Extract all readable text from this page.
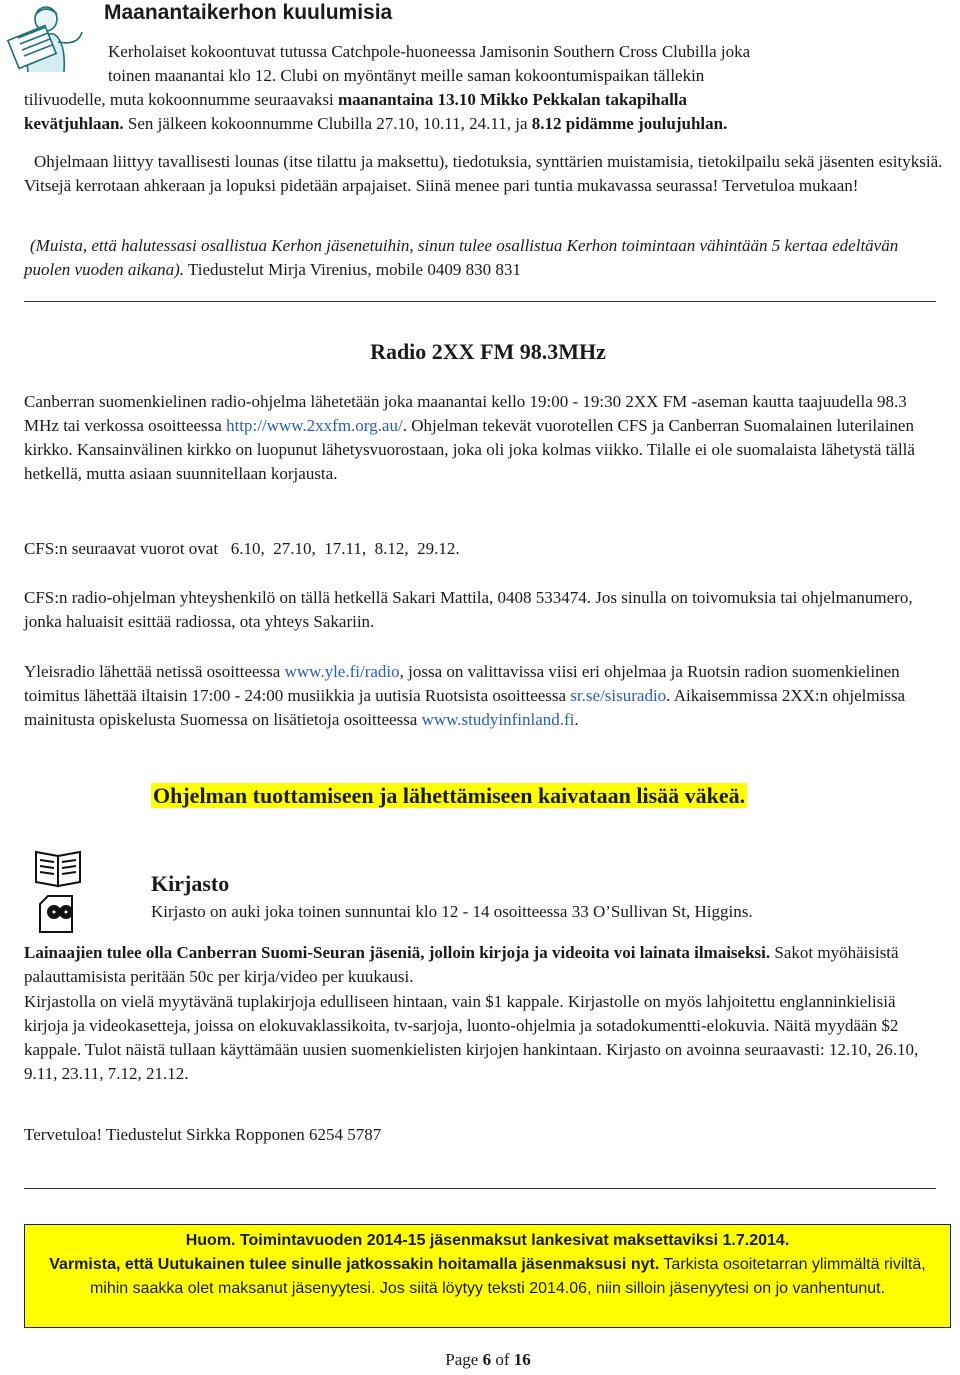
Maanantaikerhon kuulumisia
Kerholaiset kokoontuvat tutussa Catchpole-huoneessa Jamisonin Southern Cross Clubilla joka
toinen maanantai klo 12. Clubi on myöntänyt meille saman kokoontumispaikan tällekin
tilivuodelle, muta kokoonnumme seuraavaksi maanantaina 13.10 Mikko Pekkalan takapihalla
kevätjuhlaan. Sen jälkeen kokoonnumme Clubilla 27.10, 10.11, 24.11, ja 8.12 pidämme joulujuhlan.
Ohjelmaan liittyy tavallisesti lounas (itse tilattu ja maksettu), tiedotuksia, synttärien muistamisia, tietokilpailu sekä jäsenten esityksiä. Vitsejä kerrotaan ahkeraan ja lopuksi pidetään arpajaiset. Siinä menee pari tuntia mukavassa seurassa! Tervetuloa mukaan!
(Muista, että halutessasi osallistua Kerhon jäsenetuihin, sinun tulee osallistua Kerhon toimintaan vähintään 5 kertaa edeltävän puolen vuoden aikana). Tiedustelut Mirja Virenius, mobile 0409 830 831
Radio 2XX FM 98.3MHz
Canberran suomenkielinen radio-ohjelma lähetetään joka maanantai kello 19:00 - 19:30 2XX FM -aseman kautta taajuudella 98.3 MHz tai verkossa osoitteessa http://www.2xxfm.org.au/. Ohjelman tekevät vuorotellen CFS ja Canberran Suomalainen luterilainen kirkko. Kansainvälinen kirkko on luopunut lähetysvuorostaan, joka oli joka kolmas viikko. Tilalle ei ole suomalaista lähetystä tällä hetkellä, mutta asiaan suunnitellaan korjausta.
CFS:n seuraavat vuorot ovat   6.10,  27.10,  17.11,  8.12,  29.12.
CFS:n radio-ohjelman yhteyshenkilö on tällä hetkellä Sakari Mattila, 0408 533474. Jos sinulla on toivomuksia tai ohjelmanumero, jonka haluaisit esittää radiossa, ota yhteys Sakariin.
Yleisradio lähettää netissä osoitteessa www.yle.fi/radio, jossa on valittavissa viisi eri ohjelmaa ja Ruotsin radion suomenkielinen toimitus lähettää iltaisin 17:00 - 24:00 musiikkia ja uutisia Ruotsista osoitteessa sr.se/sisuradio. Aikaisemmissa 2XX:n ohjelmissa mainitusta opiskelusta Suomessa on lisätietoja osoitteessa www.studyinfinland.fi.
Ohjelman tuottamiseen ja lähettämiseen kaivataan lisää väkeä.
Kirjasto
Kirjasto on auki joka toinen sunnuntai klo 12 - 14 osoitteessa 33 O’Sullivan St, Higgins.
Lainaajien tulee olla Canberran Suomi-Seuran jäseniä, jolloin kirjoja ja videoita voi lainata ilmaiseksi. Sakot myöhäisistä palauttamisista peritään 50c per kirja/video per kuukausi.
Kirjastolla on vielä myytävänä tuplakirjoja edulliseen hintaan, vain $1 kappale. Kirjastolle on myös lahjoitettu englanninkielisiä kirjoja ja videokasetteja, joissa on elokuvaklassikoita, tv-sarjoja, luonto-ohjelmia ja sotadokumentti-elokuvia. Näitä myydään $2 kappale. Tulot näistä tullaan käyttämään uusien suomenkielisten kirjojen hankintaan. Kirjasto on avoinna seuraavasti: 12.10, 26.10, 9.11, 23.11, 7.12, 21.12.
Tervetuloa! Tiedustelut Sirkka Ropponen 6254 5787
Huom. Toimintavuoden 2014-15 jäsenmaksut lankesivat maksettaviksi 1.7.2014.
Varmista, että Uutukainen tulee sinulle jatkossakin hoitamalla jäsenmaksusi nyt. Tarkista osoitetarran ylimmältä riviltä, mihin saakka olet maksanut jäsenyytesi. Jos siitä löytyy teksti 2014.06, niin silloin jäsenyytesi on jo vanhentunut.
Page 6 of 16
